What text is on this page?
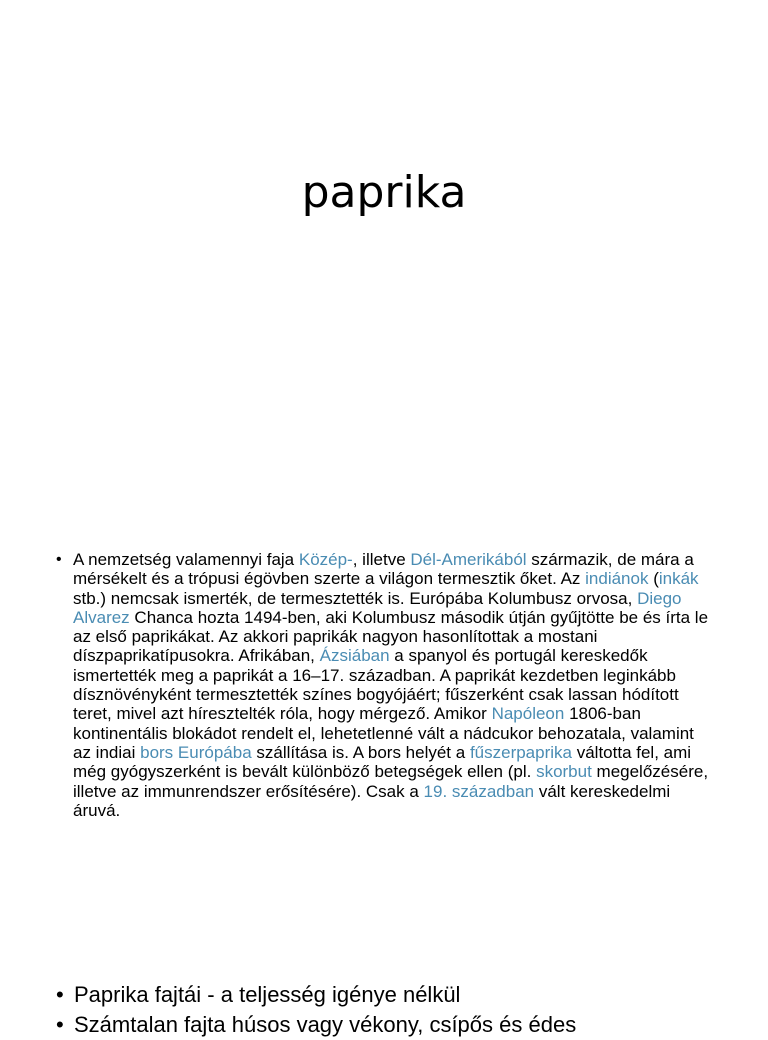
paprika
• A nemzetség valamennyi faja Közép-, illetve Dél-Amerikából származik, de mára a mérsékelt és a trópusi égövben szerte a világon termesztik őket. Az indiánok (inkák stb.) nemcsak ismerték, de termesztették is. Európába Kolumbusz orvosa, Diego Alvarez Chanca hozta 1494-ben, aki Kolumbusz második útján gyűjtötte be és írta le az első paprikákat. Az akkori paprikák nagyon hasonlítottak a mostani díszpaprikatípusokra. Afrikában, Ázsiában a spanyol és portugál kereskedők ismertették meg a paprikát a 16–17. században. A paprikát kezdetben leginkább dísznövényként termesztették színes bogyójáért; fűszerként csak lassan hódított teret, mivel azt híresztelték róla, hogy mérgező. Amikor Napóleon 1806-ban kontinentális blokádot rendelt el, lehetetlenné vált a nádcukor behozatala, valamint az indiai bors Európába szállítása is. A bors helyét a fűszerpaprika váltotta fel, ami még gyógyszerként is bevált különböző betegségek ellen (pl. skorbut megelőzésére, illetve az immunrendszer erősítésére). Csak a 19. században vált kereskedelmi áruvá.
• Paprika fajtái - a teljesség igénye nélkül
• Számtalan fajta húsos vagy vékony, csípős és édes
